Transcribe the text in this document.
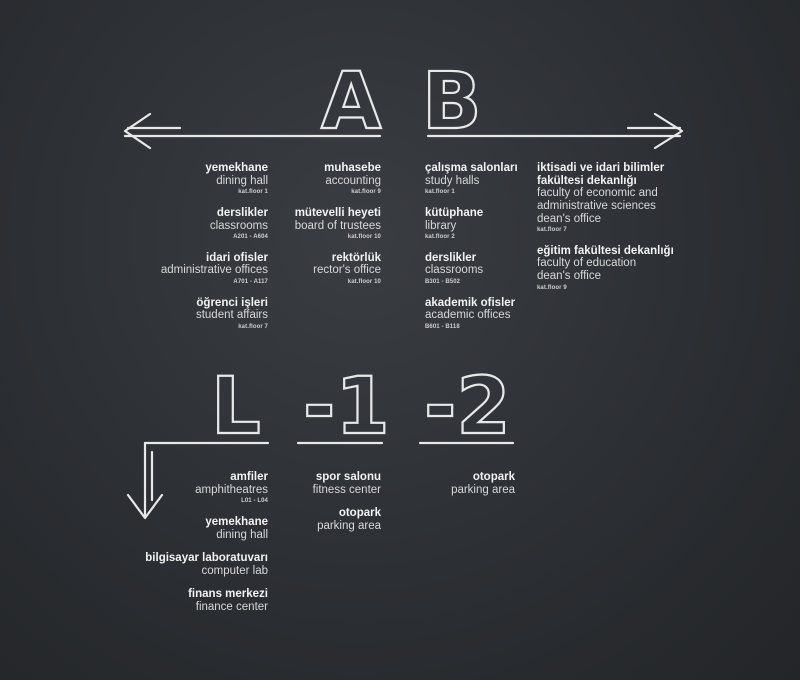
A B
L -1 -2
yemekhane
dining hall
kat.floor 1
derslikler
classrooms
A201 - A604
idari ofisler
administrative offices
A701 - A117
öğrenci işleri
student affairs
kat.floor 7
muhasebe
accounting
kat.floor 9
mütevelli heyeti
board of trustees
kat.floor 10
rektörlük
rector's office
kat.floor 10
çalışma salonları
study halls
kat.floor 1
kütüphane
library
kat.floor 2
derslikler
classrooms
B301 - B502
akademik ofisler
academic offices
B601 - B118
iktisadi ve idari bilimler
fakültesi dekanlığı
faculty of economic and
administrative sciences
dean's office
kat.floor 7
eğitim fakültesi dekanlığı
faculty of education
dean's office
kat.floor 9
amfiler
amphitheatres
L01 - L04
yemekhane
dining hall
bilgisayar laboratuvarı
computer lab
finans merkezi
finance center
spor salonu
fitness center
otopark
parking area
otopark
parking area
